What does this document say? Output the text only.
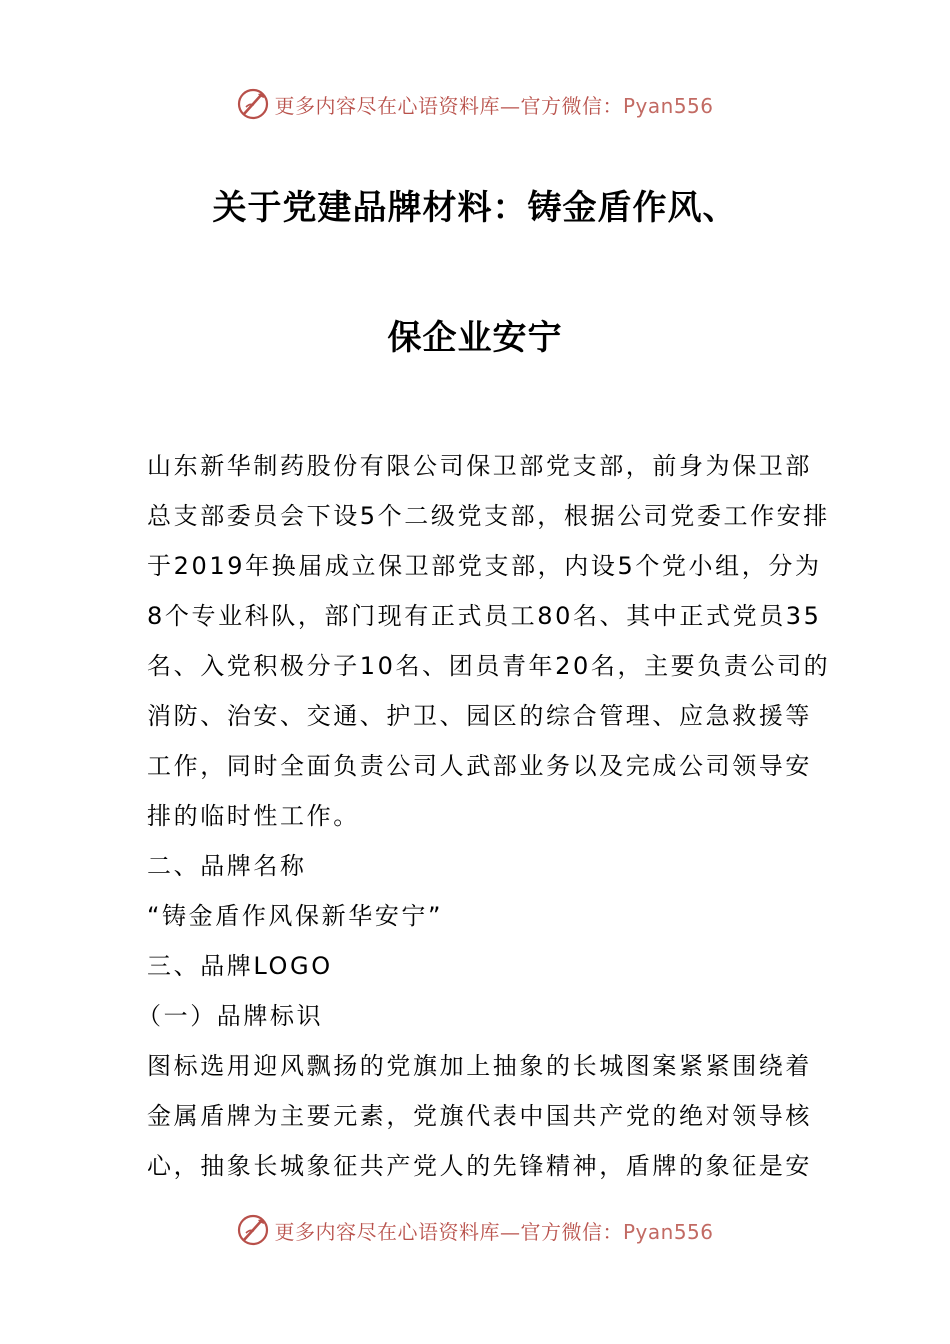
更多内容尽在心语资料库—官方微信：Pyan556
关于党建品牌材料：铸金盾作风、
保企业安宁
山东新华制药股份有限公司保卫部党支部，前身为保卫部
总支部委员会下设5个二级党支部，根据公司党委工作安排
于2019年换届成立保卫部党支部，内设5个党小组，分为
8个专业科队，部门现有正式员工80名、其中正式党员35
名、入党积极分子10名、团员青年20名，主要负责公司的
消防、治安、交通、护卫、园区的综合管理、应急救援等
工作，同时全面负责公司人武部业务以及完成公司领导安
排的临时性工作。
二、品牌名称
“铸金盾作风保新华安宁”
三、品牌LOGO
（一）品牌标识
图标选用迎风飘扬的党旗加上抽象的长城图案紧紧围绕着
金属盾牌为主要元素，党旗代表中国共产党的绝对领导核
心，抽象长城象征共产党人的先锋精神，盾牌的象征是安
更多内容尽在心语资料库—官方微信：Pyan556
